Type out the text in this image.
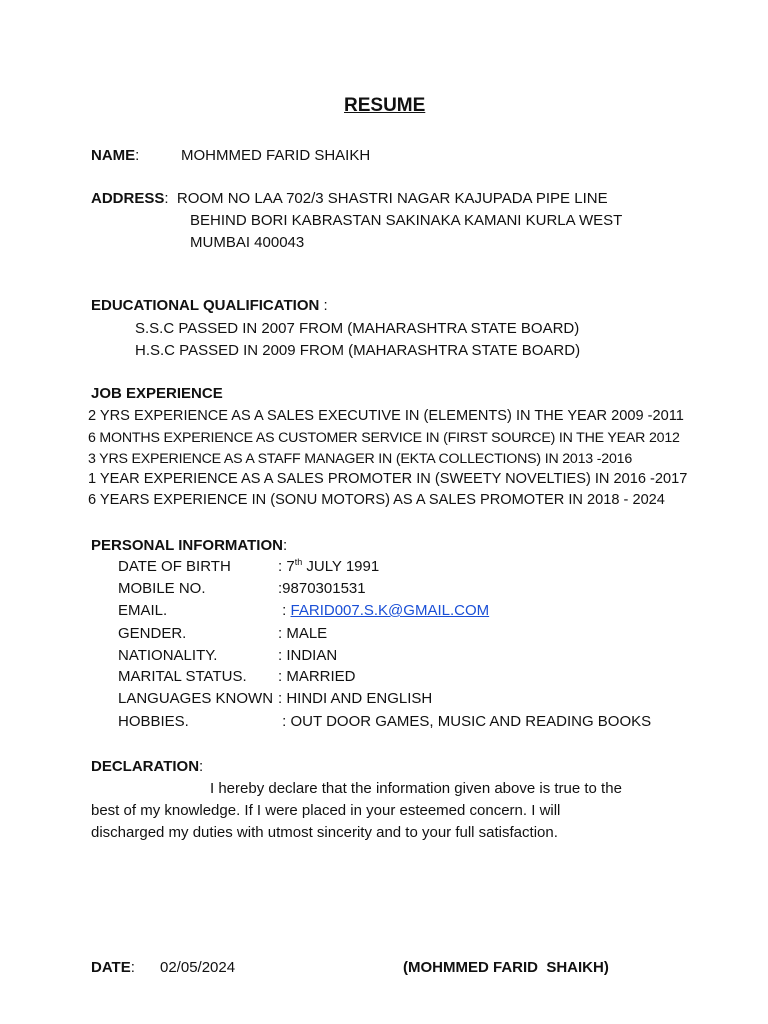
RESUME
NAME:	MOHMMED FARID SHAIKH
ADDRESS:  ROOM NO LAA 702/3 SHASTRI NAGAR KAJUPADA PIPE LINE
BEHIND BORI KABRASTAN SAKINAKA KAMANI KURLA WEST
MUMBAI 400043
EDUCATIONAL QUALIFICATION :
S.S.C PASSED IN 2007 FROM (MAHARASHTRA STATE BOARD)
H.S.C PASSED IN 2009 FROM (MAHARASHTRA STATE BOARD)
JOB EXPERIENCE
2 YRS EXPERIENCE AS A SALES EXECUTIVE IN (ELEMENTS) IN THE YEAR 2009 -2011
6 MONTHS EXPERIENCE AS CUSTOMER SERVICE IN (FIRST SOURCE) IN THE YEAR 2012
3 YRS EXPERIENCE AS A STAFF MANAGER IN (EKTA COLLECTIONS) IN 2013 -2016
1 YEAR EXPERIENCE AS A SALES PROMOTER IN (SWEETY NOVELTIES) IN 2016 -2017
6 YEARS EXPERIENCE IN (SONU MOTORS) AS A SALES PROMOTER IN 2018 - 2024
PERSONAL INFORMATION:
DATE OF BIRTH	: 7th JULY 1991
MOBILE NO.	:9870301531
EMAIL.	: FARID007.S.K@GMAIL.COM
GENDER.	: MALE
NATIONALITY.	: INDIAN
MARITAL STATUS. : MARRIED
LANGUAGES KNOWN : HINDI AND ENGLISH
HOBBIES.	: OUT DOOR GAMES, MUSIC AND READING BOOKS
DECLARATION:
I hereby declare that the information given above is true to the
best of my knowledge. If I were placed in your esteemed concern. I will
discharged my duties with utmost sincerity and to your full satisfaction.
DATE: 02/05/2024	(MOHMMED FARID  SHAIKH)
